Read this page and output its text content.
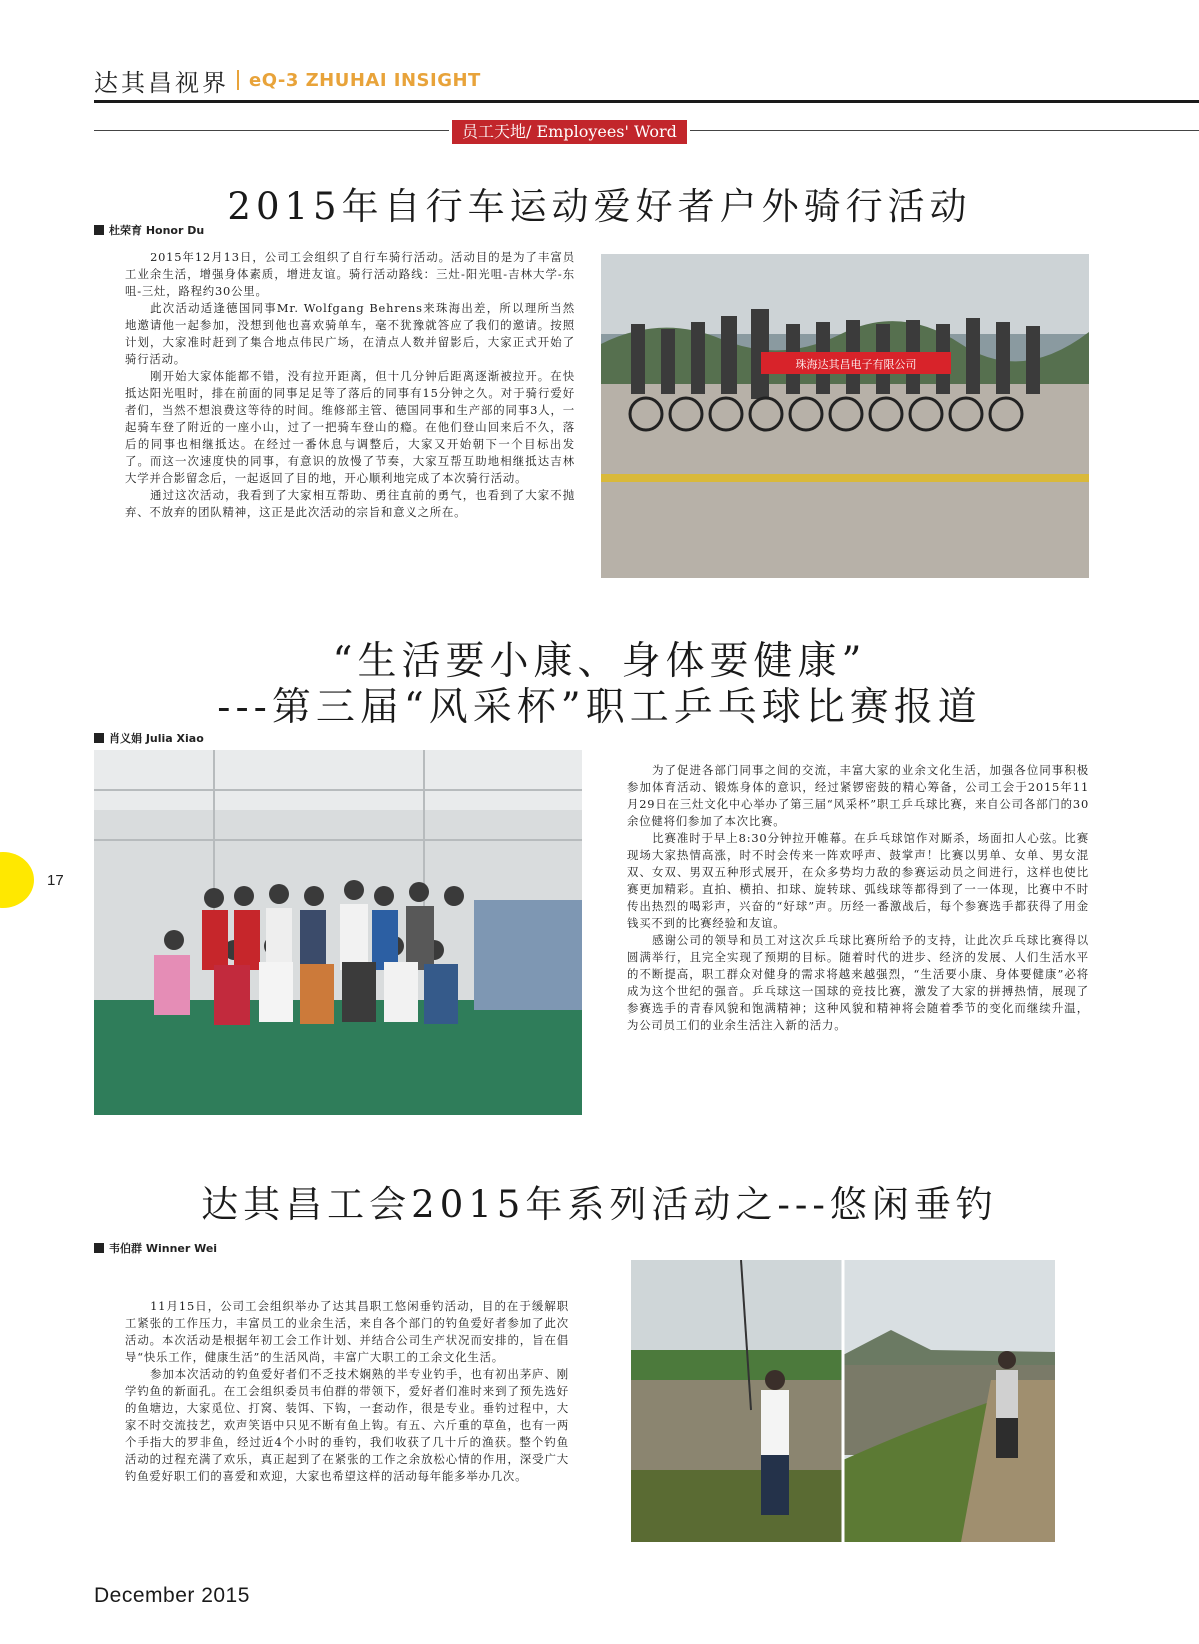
达其昌视界 eQ-3 ZHUHAI INSIGHT
员工天地/ Employees' Word
2015年自行车运动爱好者户外骑行活动
杜荣育 Honor Du

2015年12月13日，公司工会组织了自行车骑行活动。活动目的是为了丰富员工业余生活，增强身体素质，增进友谊。骑行活动路线：三灶-阳光咀-吉林大学-东咀-三灶，路程约30公里。

此次活动适逢德国同事Mr. Wolfgang Behrens来珠海出差，所以理所当然地邀请他一起参加，没想到他也喜欢骑单车，毫不犹豫就答应了我们的邀请。按照计划，大家准时赶到了集合地点伟民广场，在清点人数并留影后，大家正式开始了骑行活动。

刚开始大家体能都不错，没有拉开距离，但十几分钟后距离逐渐被拉开。在快抵达阳光咀时，排在前面的同事足足等了落后的同事有15分钟之久。对于骑行爱好者们，当然不想浪费这等待的时间。维修部主管、德国同事和生产部的同事3人，一起骑车登了附近的一座小山，过了一把骑车登山的瘾。在他们登山回来后不久，落后的同事也相继抵达。在经过一番休息与调整后，大家又开始朝下一个目标出发了。而这一次速度快的同事，有意识的放慢了节奏，大家互帮互助地相继抵达吉林大学并合影留念后，一起返回了目的地，开心顺利地完成了本次骑行活动。

通过这次活动，我看到了大家相互帮助、勇往直前的勇气，也看到了大家不抛弃、不放弃的团队精神，这正是此次活动的宗旨和意义之所在。

珠海达其昌电子有限公司
“生活要小康、身体要健康”
---第三届“风采杯”职工乒乓球比赛报道
肖义娟 Julia Xiao

为了促进各部门同事之间的交流，丰富大家的业余文化生活，加强各位同事积极参加体育活动、锻炼身体的意识，经过紧锣密鼓的精心筹备，公司工会于2015年11月29日在三灶文化中心举办了第三届“风采杯”职工乒乓球比赛，来自公司各部门的30余位健将们参加了本次比赛。

比赛准时于早上8:30分钟拉开帷幕。在乒乓球馆作对厮杀，场面扣人心弦。比赛现场大家热情高涨，时不时会传来一阵欢呼声、鼓掌声！比赛以男单、女单、男女混双、女双、男双五种形式展开，在众多势均力敌的参赛运动员之间进行，这样也使比赛更加精彩。直拍、横拍、扣球、旋转球、弧线球等都得到了一一体现，比赛中不时传出热烈的喝彩声，兴奋的“好球”声。历经一番激战后，每个参赛选手都获得了用金钱买不到的比赛经验和友谊。

感谢公司的领导和员工对这次乒乓球比赛所给予的支持，让此次乒乓球比赛得以圆满举行，且完全实现了预期的目标。随着时代的进步、经济的发展、人们生活水平的不断提高，职工群众对健身的需求将越来越强烈，“生活要小康、身体要健康”必将成为这个世纪的强音。乒乓球这一国球的竞技比赛，激发了大家的拼搏热情，展现了参赛选手的青春风貌和饱满精神；这种风貌和精神将会随着季节的变化而继续升温，为公司员工们的业余生活注入新的活力。

达其昌工会2015年系列活动之---悠闲垂钓
韦伯群 Winner Wei

11月15日，公司工会组织举办了达其昌职工悠闲垂钓活动，目的在于缓解职工紧张的工作压力，丰富员工的业余生活，来自各个部门的钓鱼爱好者参加了此次活动。本次活动是根据年初工会工作计划、并结合公司生产状况而安排的，旨在倡导“快乐工作，健康生活”的生活风尚，丰富广大职工的工余文化生活。

参加本次活动的钓鱼爱好者们不乏技术娴熟的半专业钓手，也有初出茅庐、刚学钓鱼的新面孔。在工会组织委员韦伯群的带领下，爱好者们准时来到了预先选好的鱼塘边，大家觅位、打窝、装饵、下钩，一套动作，很是专业。垂钓过程中，大家不时交流技艺，欢声笑语中只见不断有鱼上钩。有五、六斤重的草鱼，也有一两个手指大的罗非鱼，经过近4个小时的垂钓，我们收获了几十斤的渔获。整个钓鱼活动的过程充满了欢乐，真正起到了在紧张的工作之余放松心情的作用，深受广大钓鱼爱好职工们的喜爱和欢迎，大家也希望这样的活动每年能多举办几次。

17
December 2015
